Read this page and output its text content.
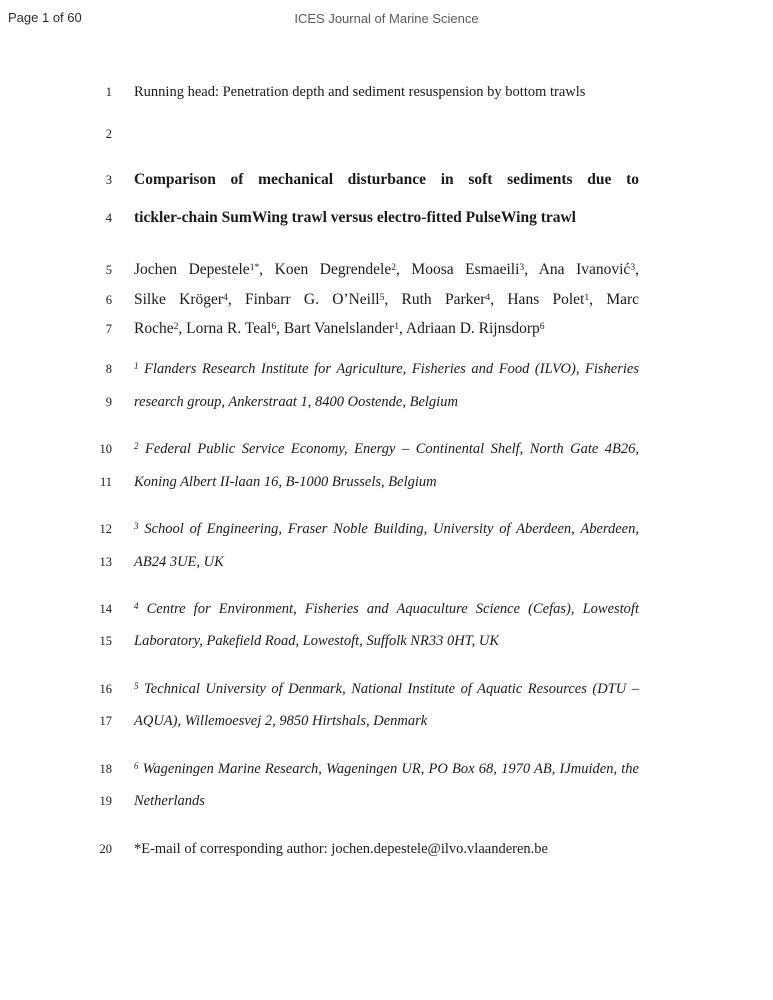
Page 1 of 60	ICES Journal of Marine Science
1 Running head: Penetration depth and sediment resuspension by bottom trawls
2
3 Comparison of mechanical disturbance in soft sediments due to
4 tickler-chain SumWing trawl versus electro-fitted PulseWing trawl
5 Jochen Depestele$^{1*}$, Koen Degrendele$^2$, Moosa Esmaeili$^3$, Ana Ivanović$^3$,
6 Silke Kröger$^4$, Finbarr G. O’Neill$^5$, Ruth Parker$^4$, Hans Polet$^1$, Marc
7 Roche$^2$, Lorna R. Teal$^6$, Bart Vanelslander$^1$, Adriaan D. Rijnsdorp$^6$
8 $^1$ Flanders Research Institute for Agriculture, Fisheries and Food (ILVO), Fisheries
9 research group, Ankerstraat 1, 8400 Oostende, Belgium
10 $^2$ Federal Public Service Economy, Energy – Continental Shelf, North Gate 4B26,
11 Koning Albert II-laan 16, B-1000 Brussels, Belgium
12 $^3$ School of Engineering, Fraser Noble Building, University of Aberdeen, Aberdeen,
13 AB24 3UE, UK
14 $^4$ Centre for Environment, Fisheries and Aquaculture Science (Cefas), Lowestoft
15 Laboratory, Pakefield Road, Lowestoft, Suffolk NR33 0HT, UK
16 $^5$ Technical University of Denmark, National Institute of Aquatic Resources (DTU –
17 AQUA), Willemoesvej 2, 9850 Hirtshals, Denmark
18 $^6$ Wageningen Marine Research, Wageningen UR, PO Box 68, 1970 AB, IJmuiden, the
19 Netherlands
20 *E-mail of corresponding author: jochen.depestele@ilvo.vlaanderen.be
